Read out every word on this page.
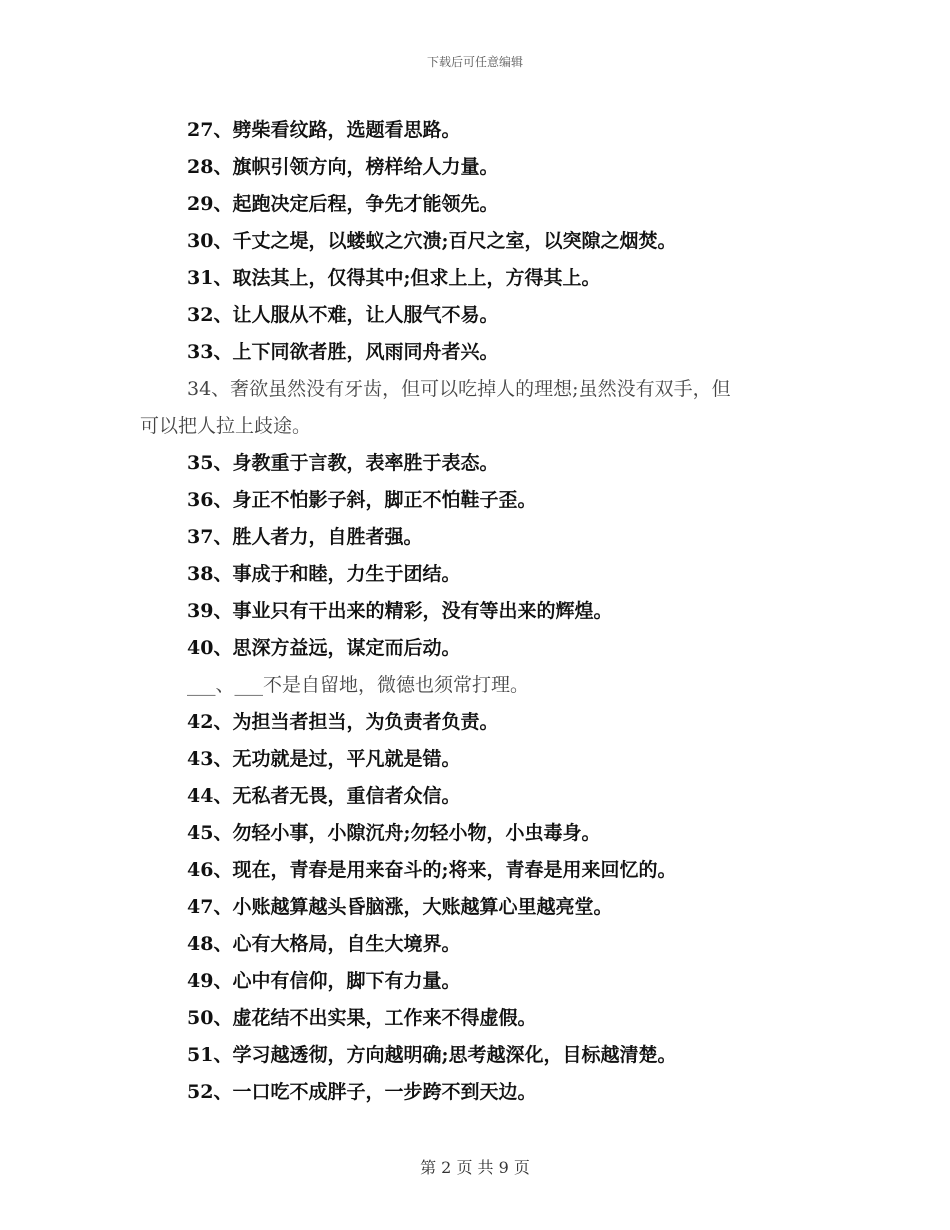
下载后可任意编辑
27、劈柴看纹路，选题看思路。
28、旗帜引领方向，榜样给人力量。
29、起跑决定后程，争先才能领先。
30、千丈之堤，以蝼蚁之穴溃;百尺之室，以突隙之烟焚。
31、取法其上，仅得其中;但求上上，方得其上。
32、让人服从不难，让人服气不易。
33、上下同欲者胜，风雨同舟者兴。
34、奢欲虽然没有牙齿，但可以吃掉人的理想;虽然没有双手，但
可以把人拉上歧途。
35、身教重于言教，表率胜于表态。
36、身正不怕影子斜，脚正不怕鞋子歪。
37、胜人者力，自胜者强。
38、事成于和睦，力生于团结。
39、事业只有干出来的精彩，没有等出来的辉煌。
40、思深方益远，谋定而后动。
___、___不是自留地，微德也须常打理。
42、为担当者担当，为负责者负责。
43、无功就是过，平凡就是错。
44、无私者无畏，重信者众信。
45、勿轻小事，小隙沉舟;勿轻小物，小虫毒身。
46、现在，青春是用来奋斗的;将来，青春是用来回忆的。
47、小账越算越头昏脑涨，大账越算心里越亮堂。
48、心有大格局，自生大境界。
49、心中有信仰，脚下有力量。
50、虚花结不出实果，工作来不得虚假。
51、学习越透彻，方向越明确;思考越深化，目标越清楚。
52、一口吃不成胖子，一步跨不到天边。
第 2 页 共 9 页
